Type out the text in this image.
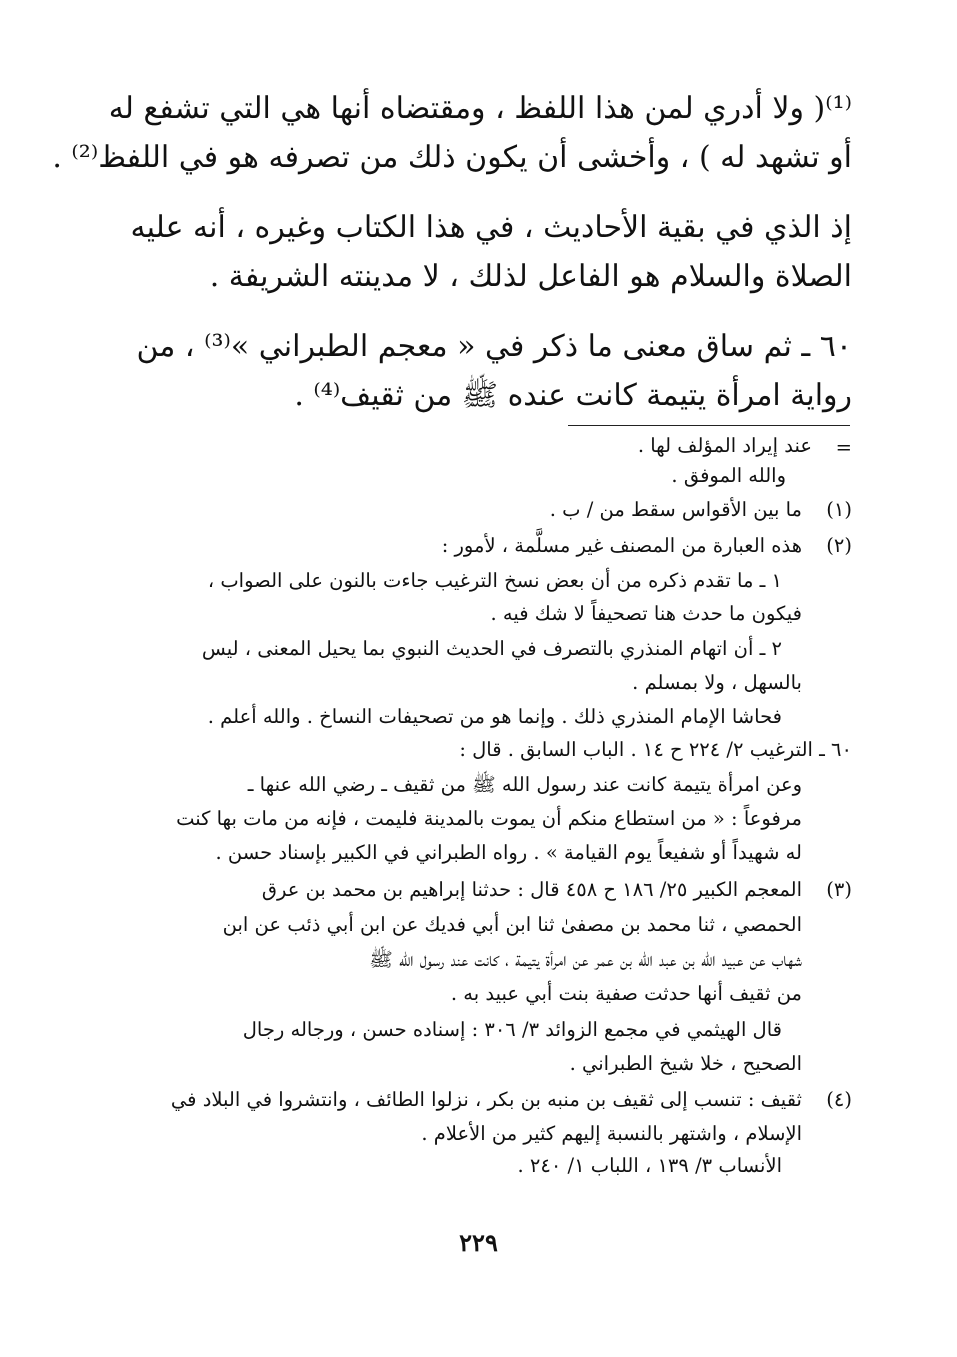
⁽¹⁾( ولا أدري لمن هذا اللفظ ، ومقتضاه أنها هي التي تشفع له
أو تشهد له ) ، وأخشى أن يكون ذلك من تصرفه هو في اللفظ⁽²⁾ .
إذ الذي في بقية الأحاديث ، في هذا الكتاب وغيره ، أنه عليه
الصلاة والسلام هو الفاعل لذلك ، لا مدينته الشريفة .
٦٠ ـ ثم ساق معنى ما ذكر في « معجم الطبراني »⁽³⁾ ، من
رواية امرأة يتيمة كانت عنده ﷺ من ثقيف⁽⁴⁾ .
=
عند إيراد المؤلف لها .
والله الموفق .
(١)
ما بين الأقواس سقط من / ب .
(٢)
هذه العبارة من المصنف غير مسلَّمة ، لأمور :
١ ـ ما تقدم ذكره من أن بعض نسخ الترغيب جاءت بالنون على الصواب ،
فيكون ما حدث هنا تصحيفاً لا شك فيه .
٢ ـ أن اتهام المنذري بالتصرف في الحديث النبوي بما يحيل المعنى ، ليس
بالسهل ، ولا بمسلم .
فحاشا الإمام المنذري ذلك . وإنما هو من تصحيفات النساخ . والله أعلم .
٦٠ ـ الترغيب ٢/ ٢٢٤ ح ١٤ . الباب السابق . قال :
وعن امرأة يتيمة كانت عند رسول الله ﷺ من ثقيف ـ رضي الله عنها ـ
مرفوعاً : « من استطاع منكم أن يموت بالمدينة فليمت ، فإنه من مات بها كنت
له شهيداً أو شفيعاً يوم القيامة » . رواه الطبراني في الكبير بإسناد حسن .
(٣)
المعجم الكبير ٢٥/ ١٨٦ ح ٤٥٨ قال : حدثنا إبراهيم بن محمد بن عرق
الحمصي ، ثنا محمد بن مصفىٰ ثنا ابن أبي فديك عن ابن أبي ذئب عن ابن
شهاب عن عبيد الله بن عبد الله بن عمر عن امرأة يتيمة ، كانت عند رسول الله ﷺ
من ثقيف أنها حدثت صفية بنت أبي عبيد به .
قال الهيثمي في مجمع الزوائد ٣/ ٣٠٦ : إسناده حسن ، ورجاله رجال
الصحيح ، خلا شيخ الطبراني .
(٤)
ثقيف : تنسب إلى ثقيف بن منبه بن بكر ، نزلوا الطائف ، وانتشروا في البلاد في
الإسلام ، واشتهر بالنسبة إليهم كثير من الأعلام .
الأنساب ٣/ ١٣٩ ، اللباب ١/ ٢٤٠ .
٢٢٩
